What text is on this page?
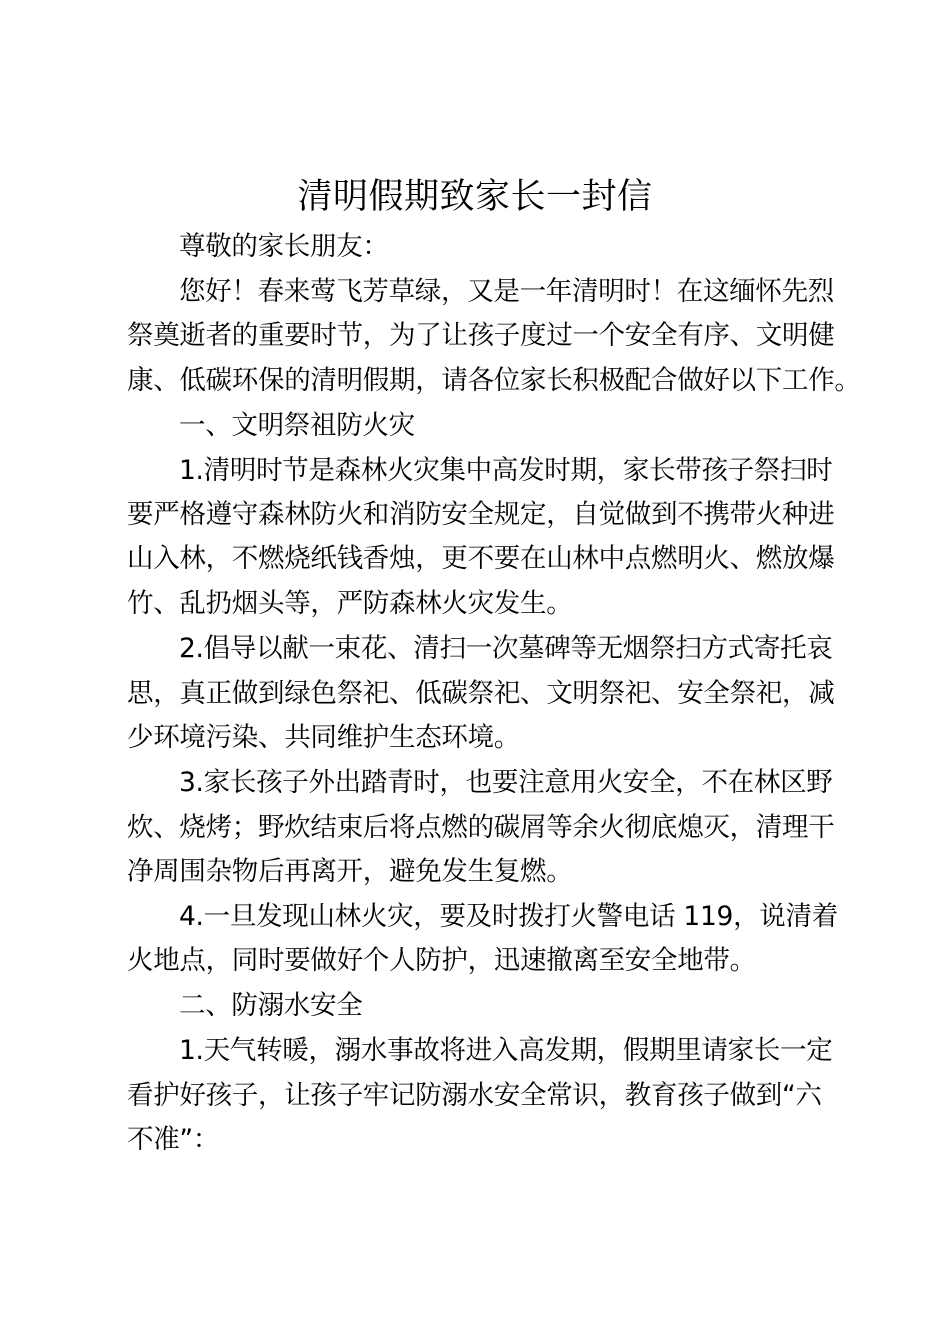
清明假期致家长一封信
尊敬的家长朋友：
您好！春来莺飞芳草绿，又是一年清明时！在这缅怀先烈
祭奠逝者的重要时节，为了让孩子度过一个安全有序、文明健
康、低碳环保的清明假期，请各位家长积极配合做好以下工作。
一、文明祭祖防火灾
1.清明时节是森林火灾集中高发时期，家长带孩子祭扫时
要严格遵守森林防火和消防安全规定，自觉做到不携带火种进
山入林，不燃烧纸钱香烛，更不要在山林中点燃明火、燃放爆
竹、乱扔烟头等，严防森林火灾发生。
2.倡导以献一束花、清扫一次墓碑等无烟祭扫方式寄托哀
思，真正做到绿色祭祀、低碳祭祀、文明祭祀、安全祭祀，减
少环境污染、共同维护生态环境。
3.家长孩子外出踏青时，也要注意用火安全，不在林区野
炊、烧烤；野炊结束后将点燃的碳屑等余火彻底熄灭，清理干
净周围杂物后再离开，避免发生复燃。
4.一旦发现山林火灾，要及时拨打火警电话 119，说清着
火地点，同时要做好个人防护，迅速撤离至安全地带。
二、防溺水安全
1.天气转暖，溺水事故将进入高发期，假期里请家长一定
看护好孩子，让孩子牢记防溺水安全常识，教育孩子做到“六
不准”：
